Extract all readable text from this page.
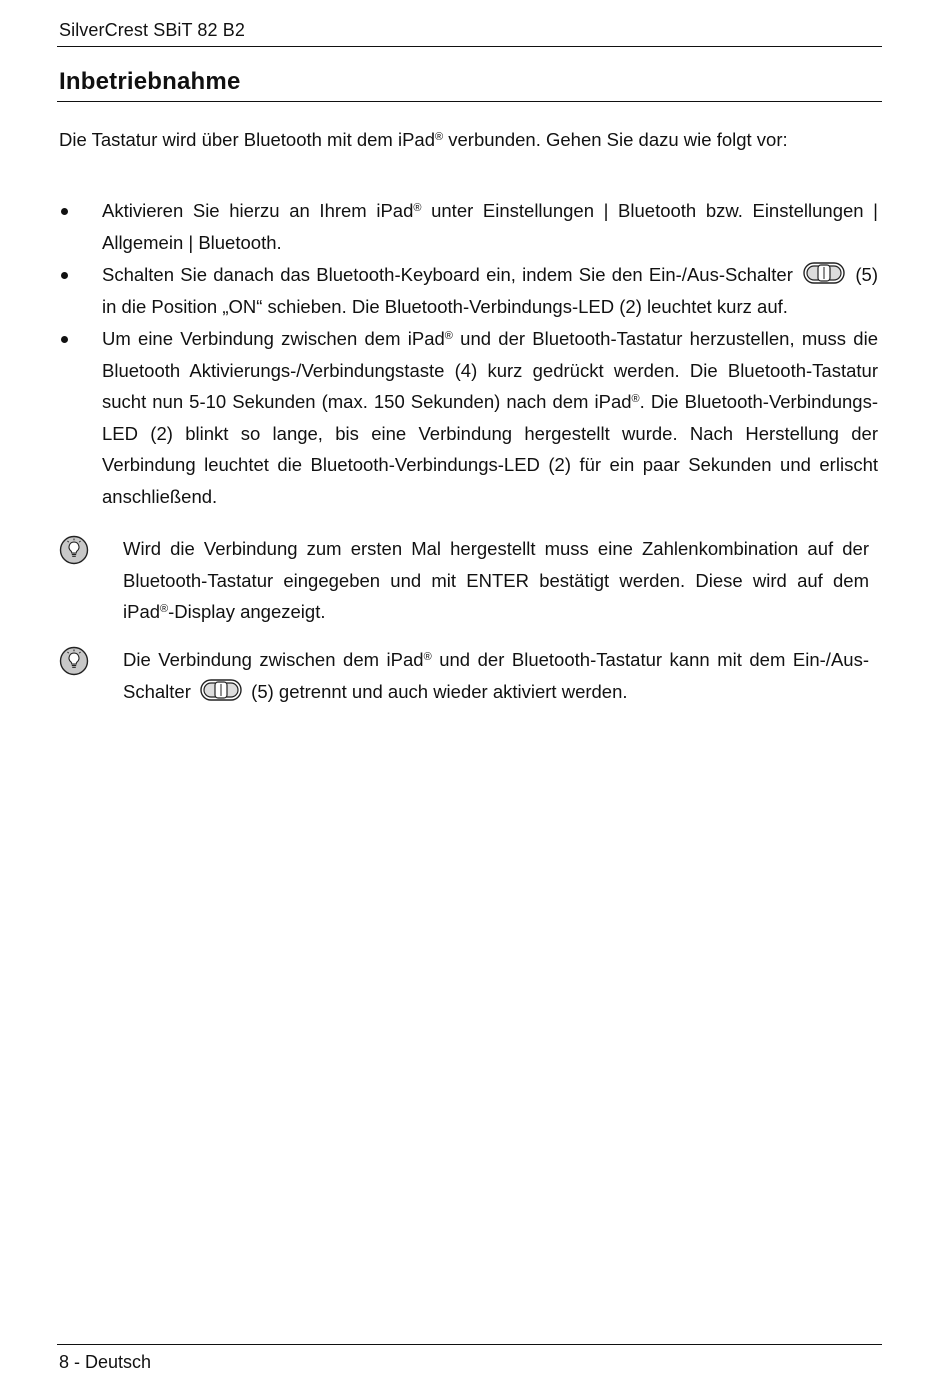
SilverCrest SBiT 82 B2
Inbetriebnahme
Die Tastatur wird über Bluetooth mit dem iPad® verbunden. Gehen Sie dazu wie folgt vor:
Aktivieren Sie hierzu an Ihrem iPad® unter Einstellungen | Bluetooth bzw. Einstellungen | Allgemein | Bluetooth.
Schalten Sie danach das Bluetooth-Keyboard ein, indem Sie den Ein-/Aus-Schalter	(5) in die Position „ON“ schieben. Die Bluetooth-Verbindungs-LED (2) leuchtet kurz auf.
Um eine Verbindung zwischen dem iPad® und der Bluetooth-Tastatur herzustellen, muss die Bluetooth Aktivierungs-/Verbindungstaste (4) kurz gedrückt werden. Die Bluetooth-Tastatur sucht nun 5-10 Sekunden (max. 150 Sekunden) nach dem iPad®. Die Bluetooth-Verbindungs-LED (2) blinkt so lange, bis eine Verbindung hergestellt wurde. Nach Herstellung der Verbindung leuchtet die Bluetooth-Verbindungs-LED (2) für ein paar Sekunden und erlischt anschließend.
Wird die Verbindung zum ersten Mal hergestellt muss eine Zahlenkombination auf der Bluetooth-Tastatur eingegeben und mit ENTER bestätigt werden. Diese wird auf dem iPad®-Display angezeigt.
Die Verbindung zwischen dem iPad® und der Bluetooth-Tastatur kann mit dem Ein-/Aus-Schalter	(5) getrennt und auch wieder aktiviert werden.
8 - Deutsch
